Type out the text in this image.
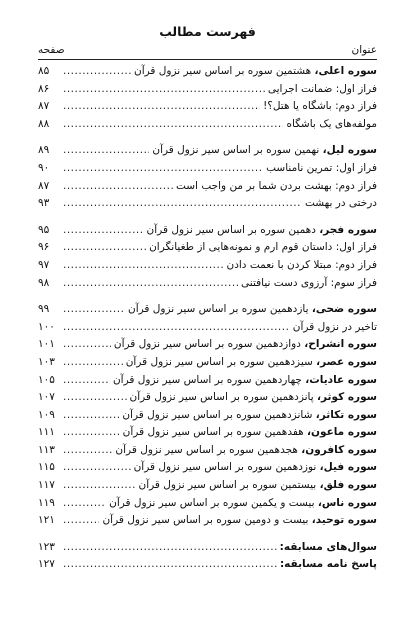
فهرست مطالب
عنوان
صفحه
سوره اعلی، هشتمین سوره بر اساس سیر نزول قرآن
.....
۸۵
فراز اول: ضمانت اجرایی
.....
۸۶
فراز دوم: باشگاه یا هتل؟!
.....
۸۷
مولفه‌های یک باشگاه
.....
۸۸
سوره لیل، نهمین سوره بر اساس سیر نزول قرآن
.....
۸۹
فراز اول: تمرین نامناسب
.....
۹۰
فراز دوم: بهشت بردن شما بر من واجب است
.....
۸۷
درختی در بهشت
.....
۹۳
سوره فجر، دهمین سوره بر اساس سیر نزول قرآن
.....
۹۵
فراز اول: داستان قوم ارم و نمونه‌هایی از طغیانگران
.....
۹۶
فراز دوم: مبتلا کردن با نعمت دادن
.....
۹۷
فراز سوم: آرزوی دست نیافتنی
.....
۹۸
سوره ضحی، یازدهمین سوره بر اساس سیر نزول قرآن
.....
۹۹
تاخیر در نزول قرآن
.....
۱۰۰
سوره انشراح، دوازدهمین سوره بر اساس سیر نزول قرآن
.....
۱۰۱
سوره عصر، سیزدهمین سوره بر اساس سیر نزول قرآن
.....
۱۰۳
سوره عادیات، چهاردهمین سوره بر اساس سیر نزول قرآن
.....
۱۰۵
سوره کوثر، پانزدهمین سوره بر اساس سیر نزول قرآن
.....
۱۰۷
سوره تکاثر، شانزدهمین سوره بر اساس سیر نزول قرآن
.....
۱۰۹
سوره ماعون، هفدهمین سوره بر اساس سیر نزول قرآن
.....
۱۱۱
سوره کافرون، هجدهمین سوره بر اساس سیر نزول قرآن
.....
۱۱۳
سوره فیل، نوزدهمین سوره بر اساس سیر نزول قرآن
.....
۱۱۵
سوره فلق، بیستمین سوره بر اساس سیر نزول قرآن
.....
۱۱۷
سوره ناس، بیست و یکمین سوره بر اساس سیر نزول قرآن
.....
۱۱۹
سوره توحید، بیست و دومین سوره بر اساس سیر نزول قرآن
.....
۱۲۱
سوال‌های مسابقه:
.....
۱۲۳
پاسخ نامه مسابقه:
.....
۱۲۷
